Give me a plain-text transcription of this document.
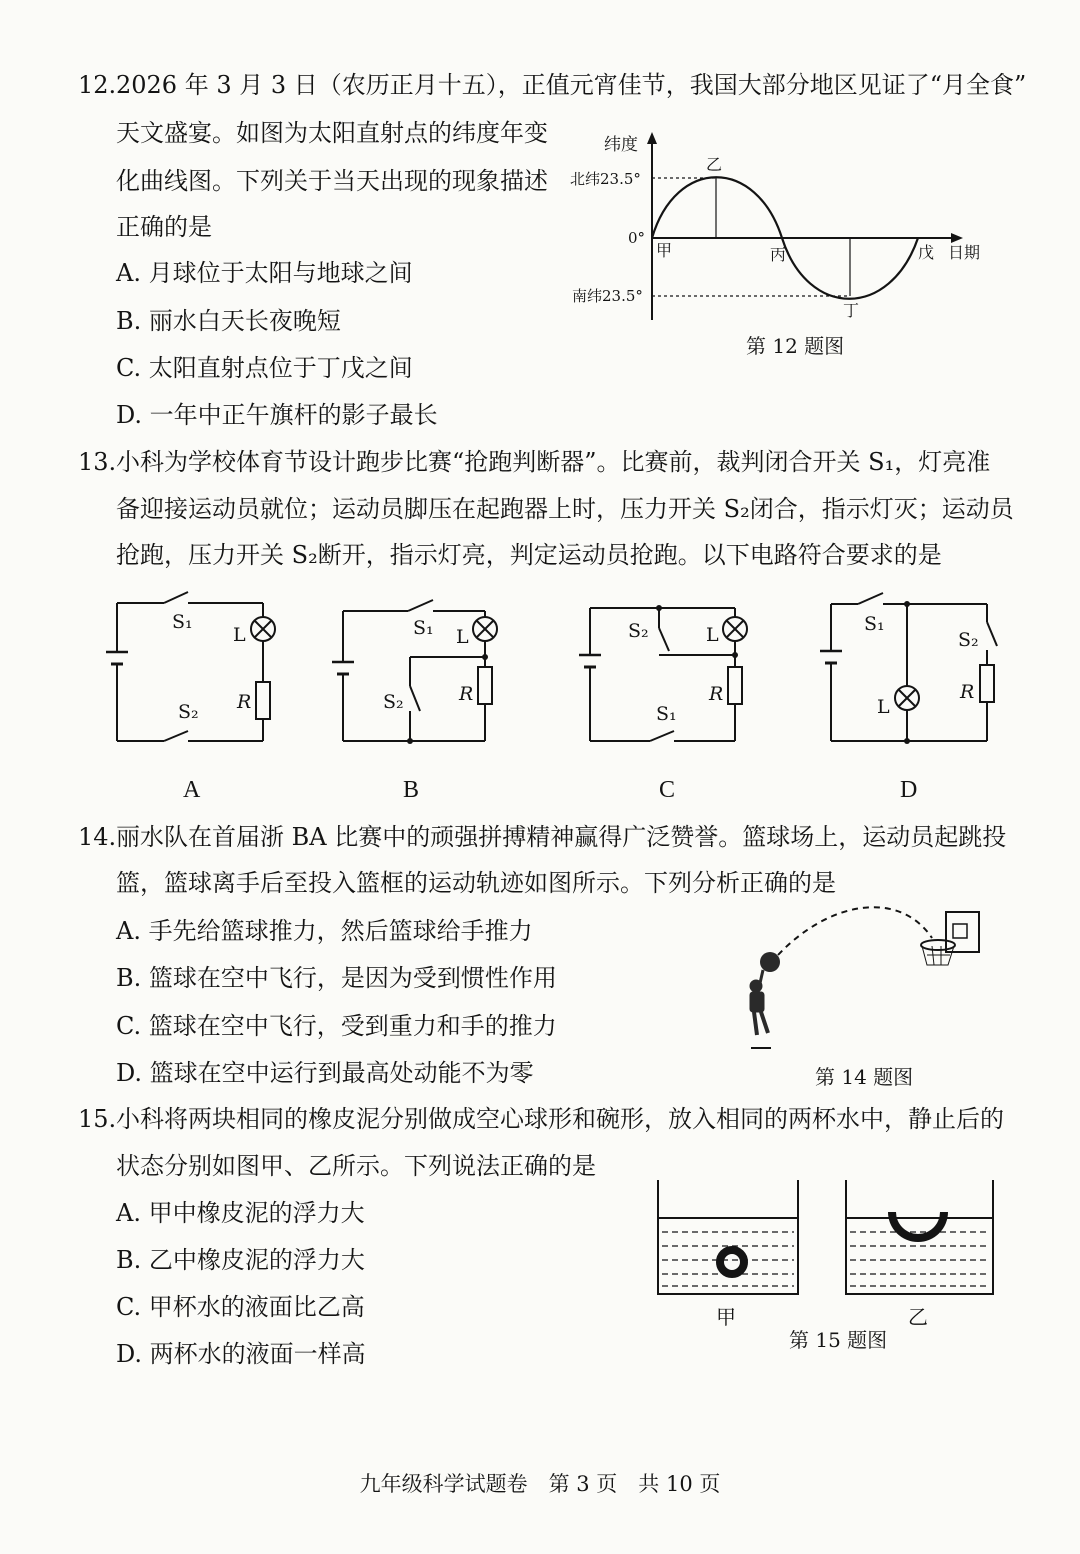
12. 2026 年 3 月 3 日（农历正月十五），正值元宵佳节，我国大部分地区见证了“月全食”
天文盛宴。如图为太阳直射点的纬度年变
化曲线图。下列关于当天出现的现象描述
正确的是
A. 月球位于太阳与地球之间
B. 丽水白天长夜晚短
C. 太阳直射点位于丁戊之间
D. 一年中正午旗杆的影子最长
纬度
北纬23.5°
0°
南纬23.5°
甲
乙
丙
丁
戊 日期
第 12 题图
13. 小科为学校体育节设计跑步比赛“抢跑判断器”。比赛前，裁判闭合开关 S₁，灯亮准
备迎接运动员就位；运动员脚压在起跑器上时，压力开关 S₂闭合，指示灯灭；运动员
抢跑，压力开关 S₂断开，指示灯亮，判定运动员抢跑。以下电路符合要求的是
S₁
L
S₂ R
S₁ L
S₂	R
S₂	L
S₁
R
S₁
S₂
L
R
A	B	C	D
14. 丽水队在首届浙 BA 比赛中的顽强拼搏精神赢得广泛赞誉。篮球场上，运动员起跳投
篮，篮球离手后至投入篮框的运动轨迹如图所示。下列分析正确的是
A. 手先给篮球推力，然后篮球给手推力
B. 篮球在空中飞行，是因为受到惯性作用
C. 篮球在空中飞行，受到重力和手的推力
D. 篮球在空中运行到最高处动能不为零	第 14 题图
15. 小科将两块相同的橡皮泥分别做成空心球形和碗形，放入相同的两杯水中，静止后的
状态分别如图甲、乙所示。下列说法正确的是
A. 甲中橡皮泥的浮力大
B. 乙中橡皮泥的浮力大
C. 甲杯水的液面比乙高
D. 两杯水的液面一样高
甲	乙
第 15 题图
九年级科学试题卷　第 3 页　共 10 页
